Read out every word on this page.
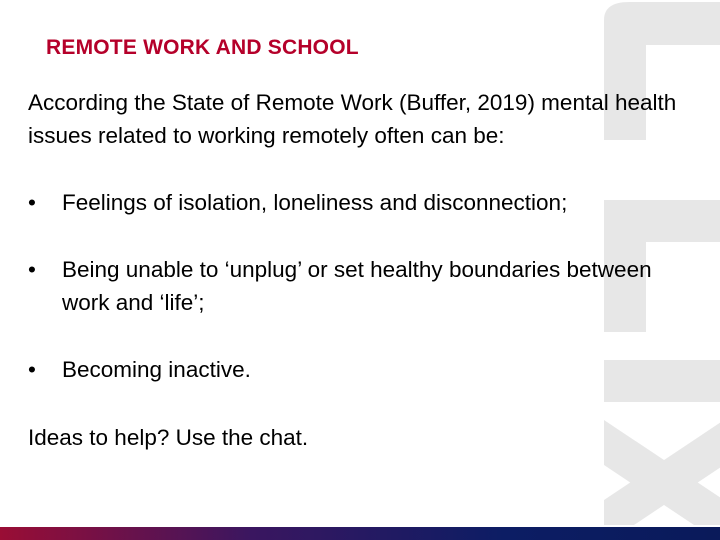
REMOTE WORK AND SCHOOL
According the State of Remote Work (Buffer, 2019) mental health issues related to working remotely often can be:
•	Feelings of isolation, loneliness and disconnection;
•	Being unable to ‘unplug’ or set healthy boundaries between work and ‘life’;
•	Becoming inactive.
Ideas to help? Use the chat.
